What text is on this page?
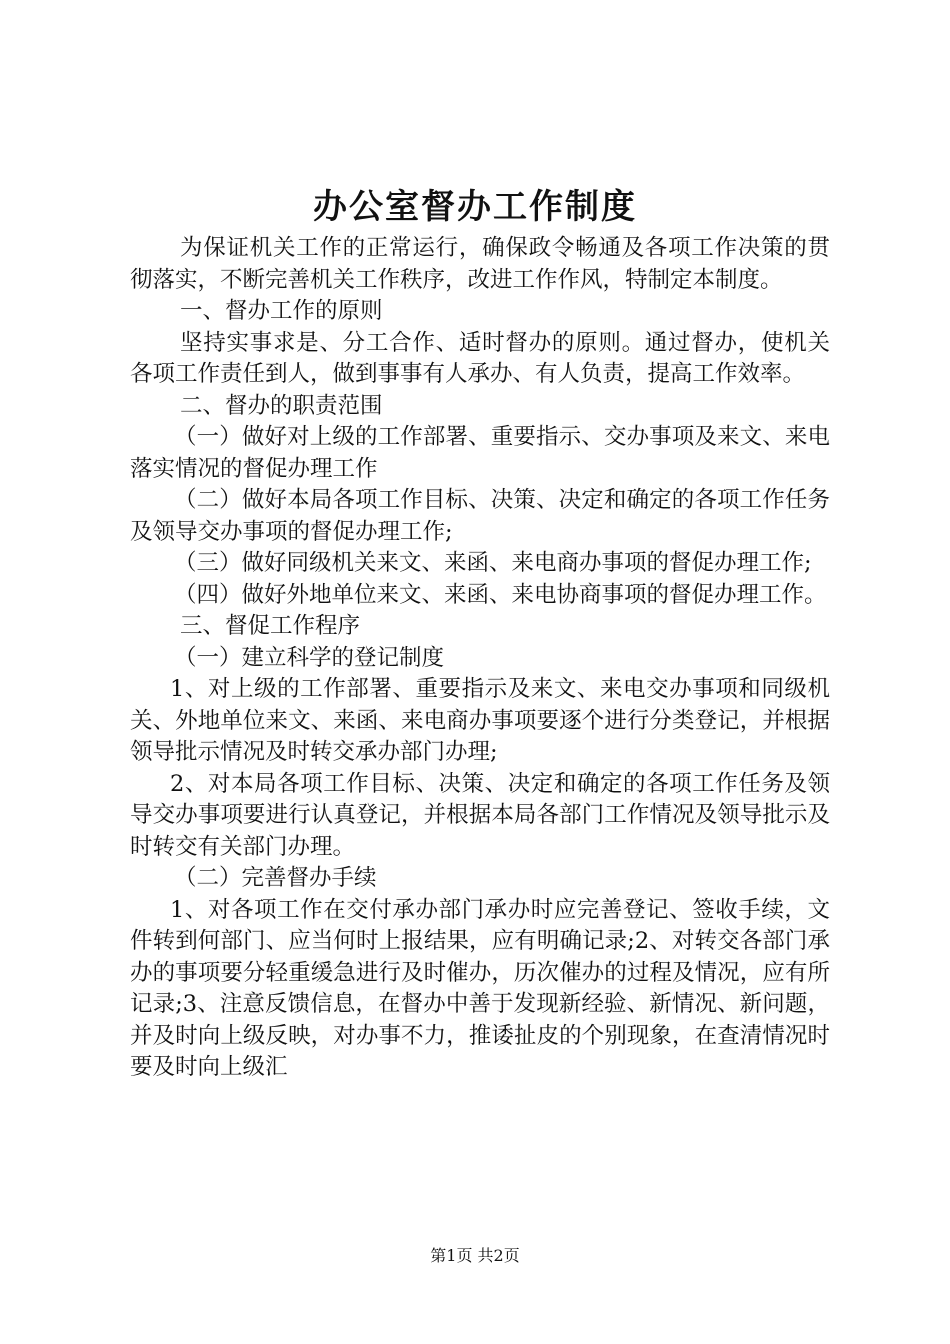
办公室督办工作制度

为保证机关工作的正常运行，确保政令畅通及各项工作决策的贯彻落实，不断完善机关工作秩序，改进工作作风，特制定本制度。

一、督办工作的原则

坚持实事求是、分工合作、适时督办的原则。通过督办，使机关各项工作责任到人，做到事事有人承办、有人负责，提高工作效率。

二、督办的职责范围

（一）做好对上级的工作部署、重要指示、交办事项及来文、来电落实情况的督促办理工作

（二）做好本局各项工作目标、决策、决定和确定的各项工作任务及领导交办事项的督促办理工作;

（三）做好同级机关来文、来函、来电商办事项的督促办理工作;

（四）做好外地单位来文、来函、来电协商事项的督促办理工作。

三、督促工作程序

（一）建立科学的登记制度

1、对上级的工作部署、重要指示及来文、来电交办事项和同级机关、外地单位来文、来函、来电商办事项要逐个进行分类登记，并根据领导批示情况及时转交承办部门办理;

2、对本局各项工作目标、决策、决定和确定的各项工作任务及领导交办事项要进行认真登记，并根据本局各部门工作情况及领导批示及时转交有关部门办理。

（二）完善督办手续

1、对各项工作在交付承办部门承办时应完善登记、签收手续，文件转到何部门、应当何时上报结果，应有明确记录;2、对转交各部门承办的事项要分轻重缓急进行及时催办，历次催办的过程及情况，应有所记录;3、注意反馈信息，在督办中善于发现新经验、新情况、新问题，并及时向上级反映，对办事不力，推诿扯皮的个别现象，在查清情况时要及时向上级汇

第1页 共2页
